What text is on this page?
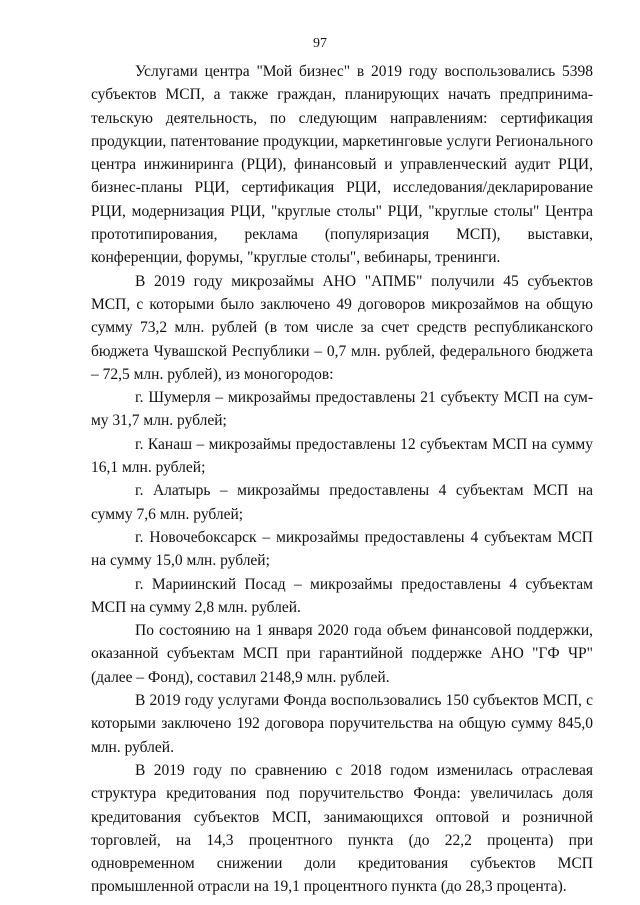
97

Услугами центра "Мой бизнес" в 2019 году воспользовались 5398 субъектов МСП, а также граждан, планирующих начать предпринимательскую деятельность, по следующим направлениям: сертификация продукции, патентование продукции, маркетинговые услуги Регионального центра инжиниринга (РЦИ), финансовый и управленческий аудит РЦИ, бизнес-планы РЦИ, сертификация РЦИ, исследования/декларирование РЦИ, модернизация РЦИ, "круглые столы" РЦИ, "круглые столы" Центра прототипирования, реклама (популяризация МСП), выставки, конференции, форумы, "круглые столы", вебинары, тренинги.

В 2019 году микрозаймы АНО "АПМБ" получили 45 субъектов МСП, с которыми было заключено 49 договоров микрозаймов на общую сумму 73,2 млн. рублей (в том числе за счет средств республиканского бюджета Чувашской Республики – 0,7 млн. рублей, федерального бюджета – 72,5 млн. рублей), из моногородов:

г. Шумерля – микрозаймы предоставлены 21 субъекту МСП на сумму 31,7 млн. рублей;

г. Канаш – микрозаймы предоставлены 12 субъектам МСП на сумму 16,1 млн. рублей;

г. Алатырь – микрозаймы предоставлены 4 субъектам МСП на сумму 7,6 млн. рублей;

г. Новочебоксарск – микрозаймы предоставлены 4 субъектам МСП на сумму 15,0 млн. рублей;

г. Мариинский Посад – микрозаймы предоставлены 4 субъектам МСП на сумму 2,8 млн. рублей.

По состоянию на 1 января 2020 года объем финансовой поддержки, оказанной субъектам МСП при гарантийной поддержке АНО "ГФ ЧР" (далее – Фонд), составил 2148,9 млн. рублей.

В 2019 году услугами Фонда воспользовались 150 субъектов МСП, с которыми заключено 192 договора поручительства на общую сумму 845,0 млн. рублей.

В 2019 году по сравнению с 2018 годом изменилась отраслевая структура кредитования под поручительство Фонда: увеличилась доля кредитования субъектов МСП, занимающихся оптовой и розничной торговлей, на 14,3 процентного пункта (до 22,2 процента) при одновременном снижении доли кредитования субъектов МСП промышленной отрасли на 19,1 процентного пункта (до 28,3 процента).
